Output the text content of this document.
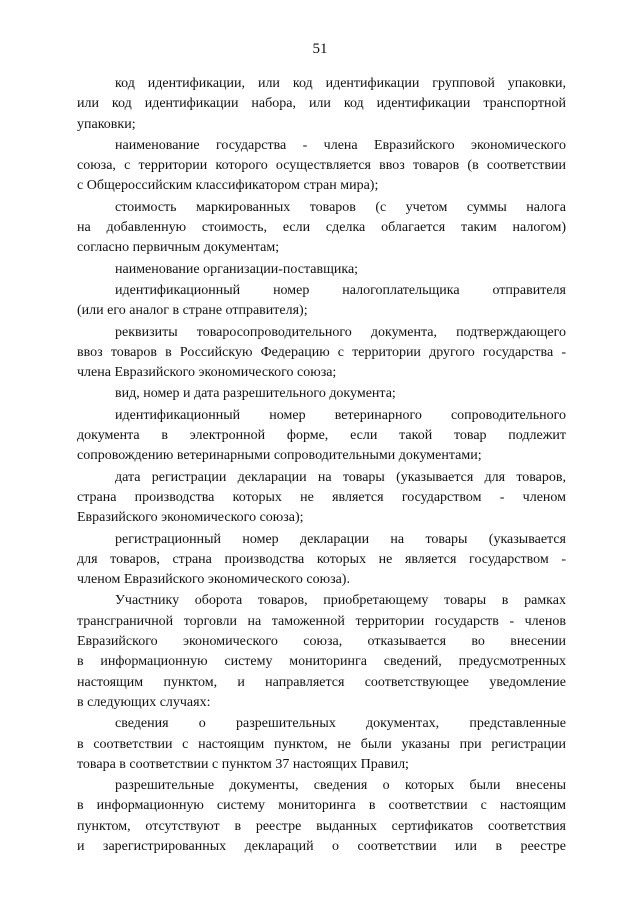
51
код идентификации, или код идентификации групповой упаковки,
или код идентификации набора, или код идентификации транспортной
упаковки;
наименование государства - члена Евразийского экономического
союза, с территории которого осуществляется ввоз товаров (в соответствии
с Общероссийским классификатором стран мира);
стоимость маркированных товаров (с учетом суммы налога
на добавленную стоимость, если сделка облагается таким налогом)
согласно первичным документам;
наименование организации-поставщика;
идентификационный номер налогоплательщика отправителя
(или его аналог в стране отправителя);
реквизиты товаросопроводительного документа, подтверждающего
ввоз товаров в Российскую Федерацию с территории другого государства -
члена Евразийского экономического союза;
вид, номер и дата разрешительного документа;
идентификационный номер ветеринарного сопроводительного
документа в электронной форме, если такой товар подлежит
сопровождению ветеринарными сопроводительными документами;
дата регистрации декларации на товары (указывается для товаров,
страна производства которых не является государством - членом
Евразийского экономического союза);
регистрационный номер декларации на товары (указывается
для товаров, страна производства которых не является государством -
членом Евразийского экономического союза).
Участнику оборота товаров, приобретающему товары в рамках
трансграничной торговли на таможенной территории государств - членов
Евразийского экономического союза, отказывается во внесении
в информационную систему мониторинга сведений, предусмотренных
настоящим пунктом, и направляется соответствующее уведомление
в следующих случаях:
сведения о разрешительных документах, представленные
в соответствии с настоящим пунктом, не были указаны при регистрации
товара в соответствии с пунктом 37 настоящих Правил;
разрешительные документы, сведения о которых были внесены
в информационную систему мониторинга в соответствии с настоящим
пунктом, отсутствуют в реестре выданных сертификатов соответствия
и зарегистрированных деклараций о соответствии или в реестре
